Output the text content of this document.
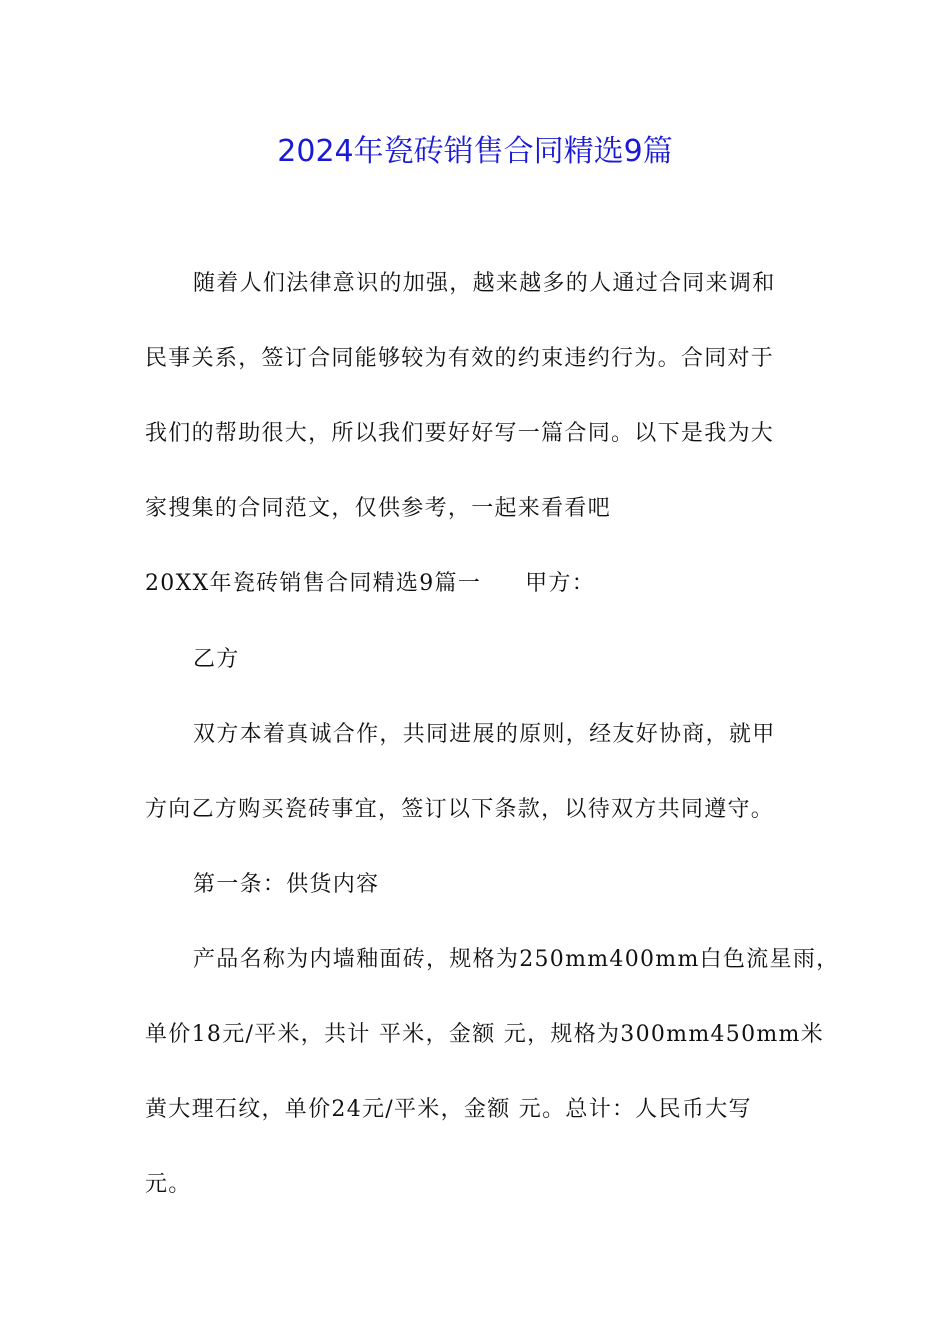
2024年瓷砖销售合同精选9篇
随着人们法律意识的加强，越来越多的人通过合同来调和
民事关系，签订合同能够较为有效的约束违约行为。合同对于
我们的帮助很大，所以我们要好好写一篇合同。以下是我为大
家搜集的合同范文，仅供参考，一起来看看吧
20XX年瓷砖销售合同精选9篇一 甲方：
乙方
双方本着真诚合作，共同进展的原则，经友好协商，就甲
方向乙方购买瓷砖事宜，签订以下条款，以待双方共同遵守。
第一条：供货内容
产品名称为内墙釉面砖，规格为250mm400mm白色流星雨，
单价18元/平米，共计 平米，金额 元，规格为300mm450mm米
黄大理石纹，单价24元/平米，金额 元。总计：人民币大写
元。
